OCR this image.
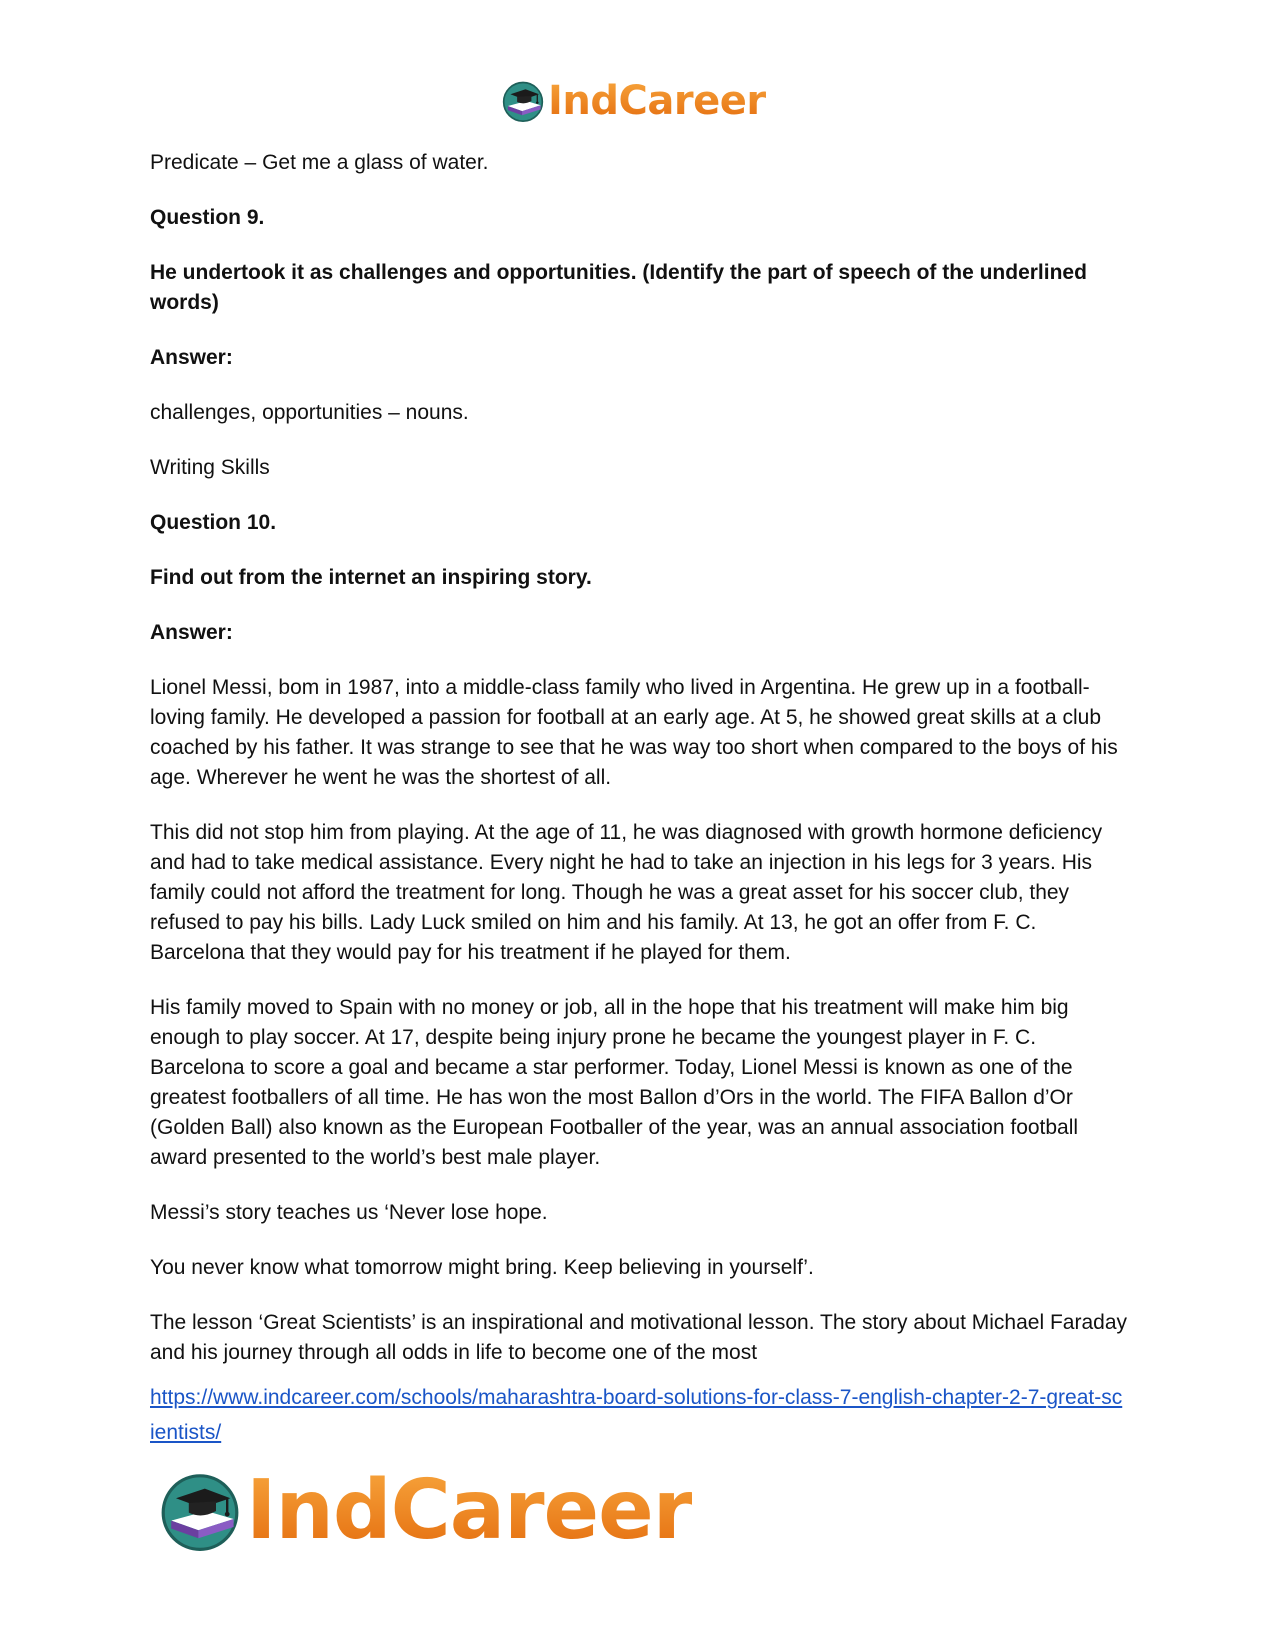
IndCareer

Predicate – Get me a glass of water.

Question 9.

He undertook it as challenges and opportunities. (Identify the part of speech of the underlined words)

Answer:

challenges, opportunities – nouns.

Writing Skills

Question 10.

Find out from the internet an inspiring story.

Answer:

Lionel Messi, bom in 1987, into a middle-class family who lived in Argentina. He grew up in a football-loving family. He developed a passion for football at an early age. At 5, he showed great skills at a club coached by his father. It was strange to see that he was way too short when compared to the boys of his age. Wherever he went he was the shortest of all.

This did not stop him from playing. At the age of 11, he was diagnosed with growth hormone deficiency and had to take medical assistance. Every night he had to take an injection in his legs for 3 years. His family could not afford the treatment for long. Though he was a great asset for his soccer club, they refused to pay his bills. Lady Luck smiled on him and his family. At 13, he got an offer from F. C. Barcelona that they would pay for his treatment if he played for them.

His family moved to Spain with no money or job, all in the hope that his treatment will make him big enough to play soccer. At 17, despite being injury prone he became the youngest player in F. C. Barcelona to score a goal and became a star performer. Today, Lionel Messi is known as one of the greatest footballers of all time. He has won the most Ballon d’Ors in the world. The FIFA Ballon d’Or (Golden Ball) also known as the European Footballer of the year, was an annual association football award presented to the world’s best male player.

Messi’s story teaches us ‘Never lose hope.

You never know what tomorrow might bring. Keep believing in yourself’.

The lesson ‘Great Scientists’ is an inspirational and motivational lesson. The story about Michael Faraday and his journey through all odds in life to become one of the most

https://www.indcareer.com/schools/maharashtra-board-solutions-for-class-7-english-chapter-2-7-great-scientists/
IndCareer
